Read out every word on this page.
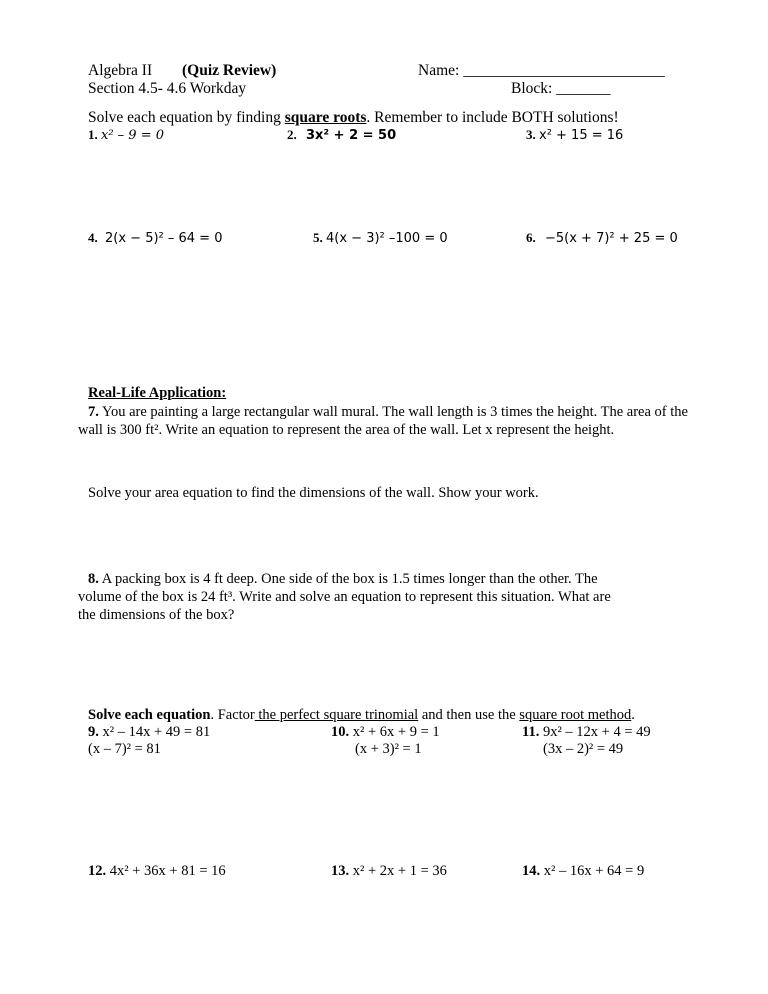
Algebra II (Quiz Review)
Section 4.5- 4.6 Workday
Name: __________________________
Block: _______
Solve each equation by finding square roots. Remember to include BOTH solutions!
1. x² – 9 = 0	2. 3x² + 2 = 50	3. x² + 15 = 16
4. 2(x − 5)² – 64 = 0	5. 4(x − 3)² –100 = 0	6. −5(x + 7)² + 25 = 0
Real-Life Application:
7. You are painting a large rectangular wall mural. The wall length is 3 times the height. The area of the wall is 300 ft². Write an equation to represent the area of the wall. Let x represent the height.
Solve your area equation to find the dimensions of the wall. Show your work.
8. A packing box is 4 ft deep. One side of the box is 1.5 times longer than the other. The volume of the box is 24 ft³. Write and solve an equation to represent this situation. What are the dimensions of the box?
Solve each equation. Factor the perfect square trinomial and then use the square root method.
9. x² – 14x + 49 = 81
(x – 7)² = 81
10. x² + 6x + 9 = 1
(x + 3)² = 1
11. 9x² – 12x + 4 = 49
(3x – 2)² = 49
12. 4x² + 36x + 81 = 16	13. x² + 2x + 1 = 36	14. x² – 16x + 64 = 9
